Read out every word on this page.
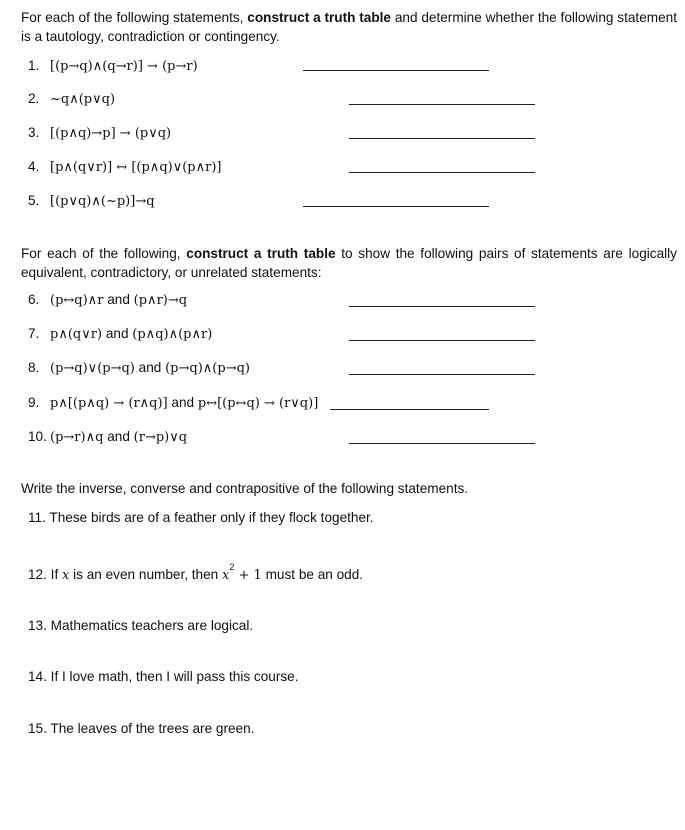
For each of the following statements, construct a truth table and determine whether the following statement is a tautology, contradiction or contingency.

1. [(p→q)∧(q→r)] → (p→r)
2. ~q∧(p∨q)
3. [(p∧q)→p] → (p∨q)
4. [p∧(q∨r)] ↔ [(p∧q)∨(p∧r)]
5. [(p∨q)∧(~p)]→q

For each of the following, construct a truth table to show the following pairs of statements are logically equivalent, contradictory, or unrelated statements:

6. (p↔q)∧r and (p∧r)→q
7. p∧(q∨r) and (p∧q)∧(p∧r)
8. (p→q)∨(p→q) and (p→q)∧(p→q)
9. p∧[(p∧q) → (r∧q)] and p↔[(p↔q) → (r∨q)]
10. (p→r)∧q and (r→p)∨q
Write the inverse, converse and contrapositive of the following statements.
11. These birds are of a feather only if they flock together.
12. If x is an even number, then $x^2 + 1$ must be an odd.
13. Mathematics teachers are logical.
14. If I love math, then I will pass this course.
15. The leaves of the trees are green.
